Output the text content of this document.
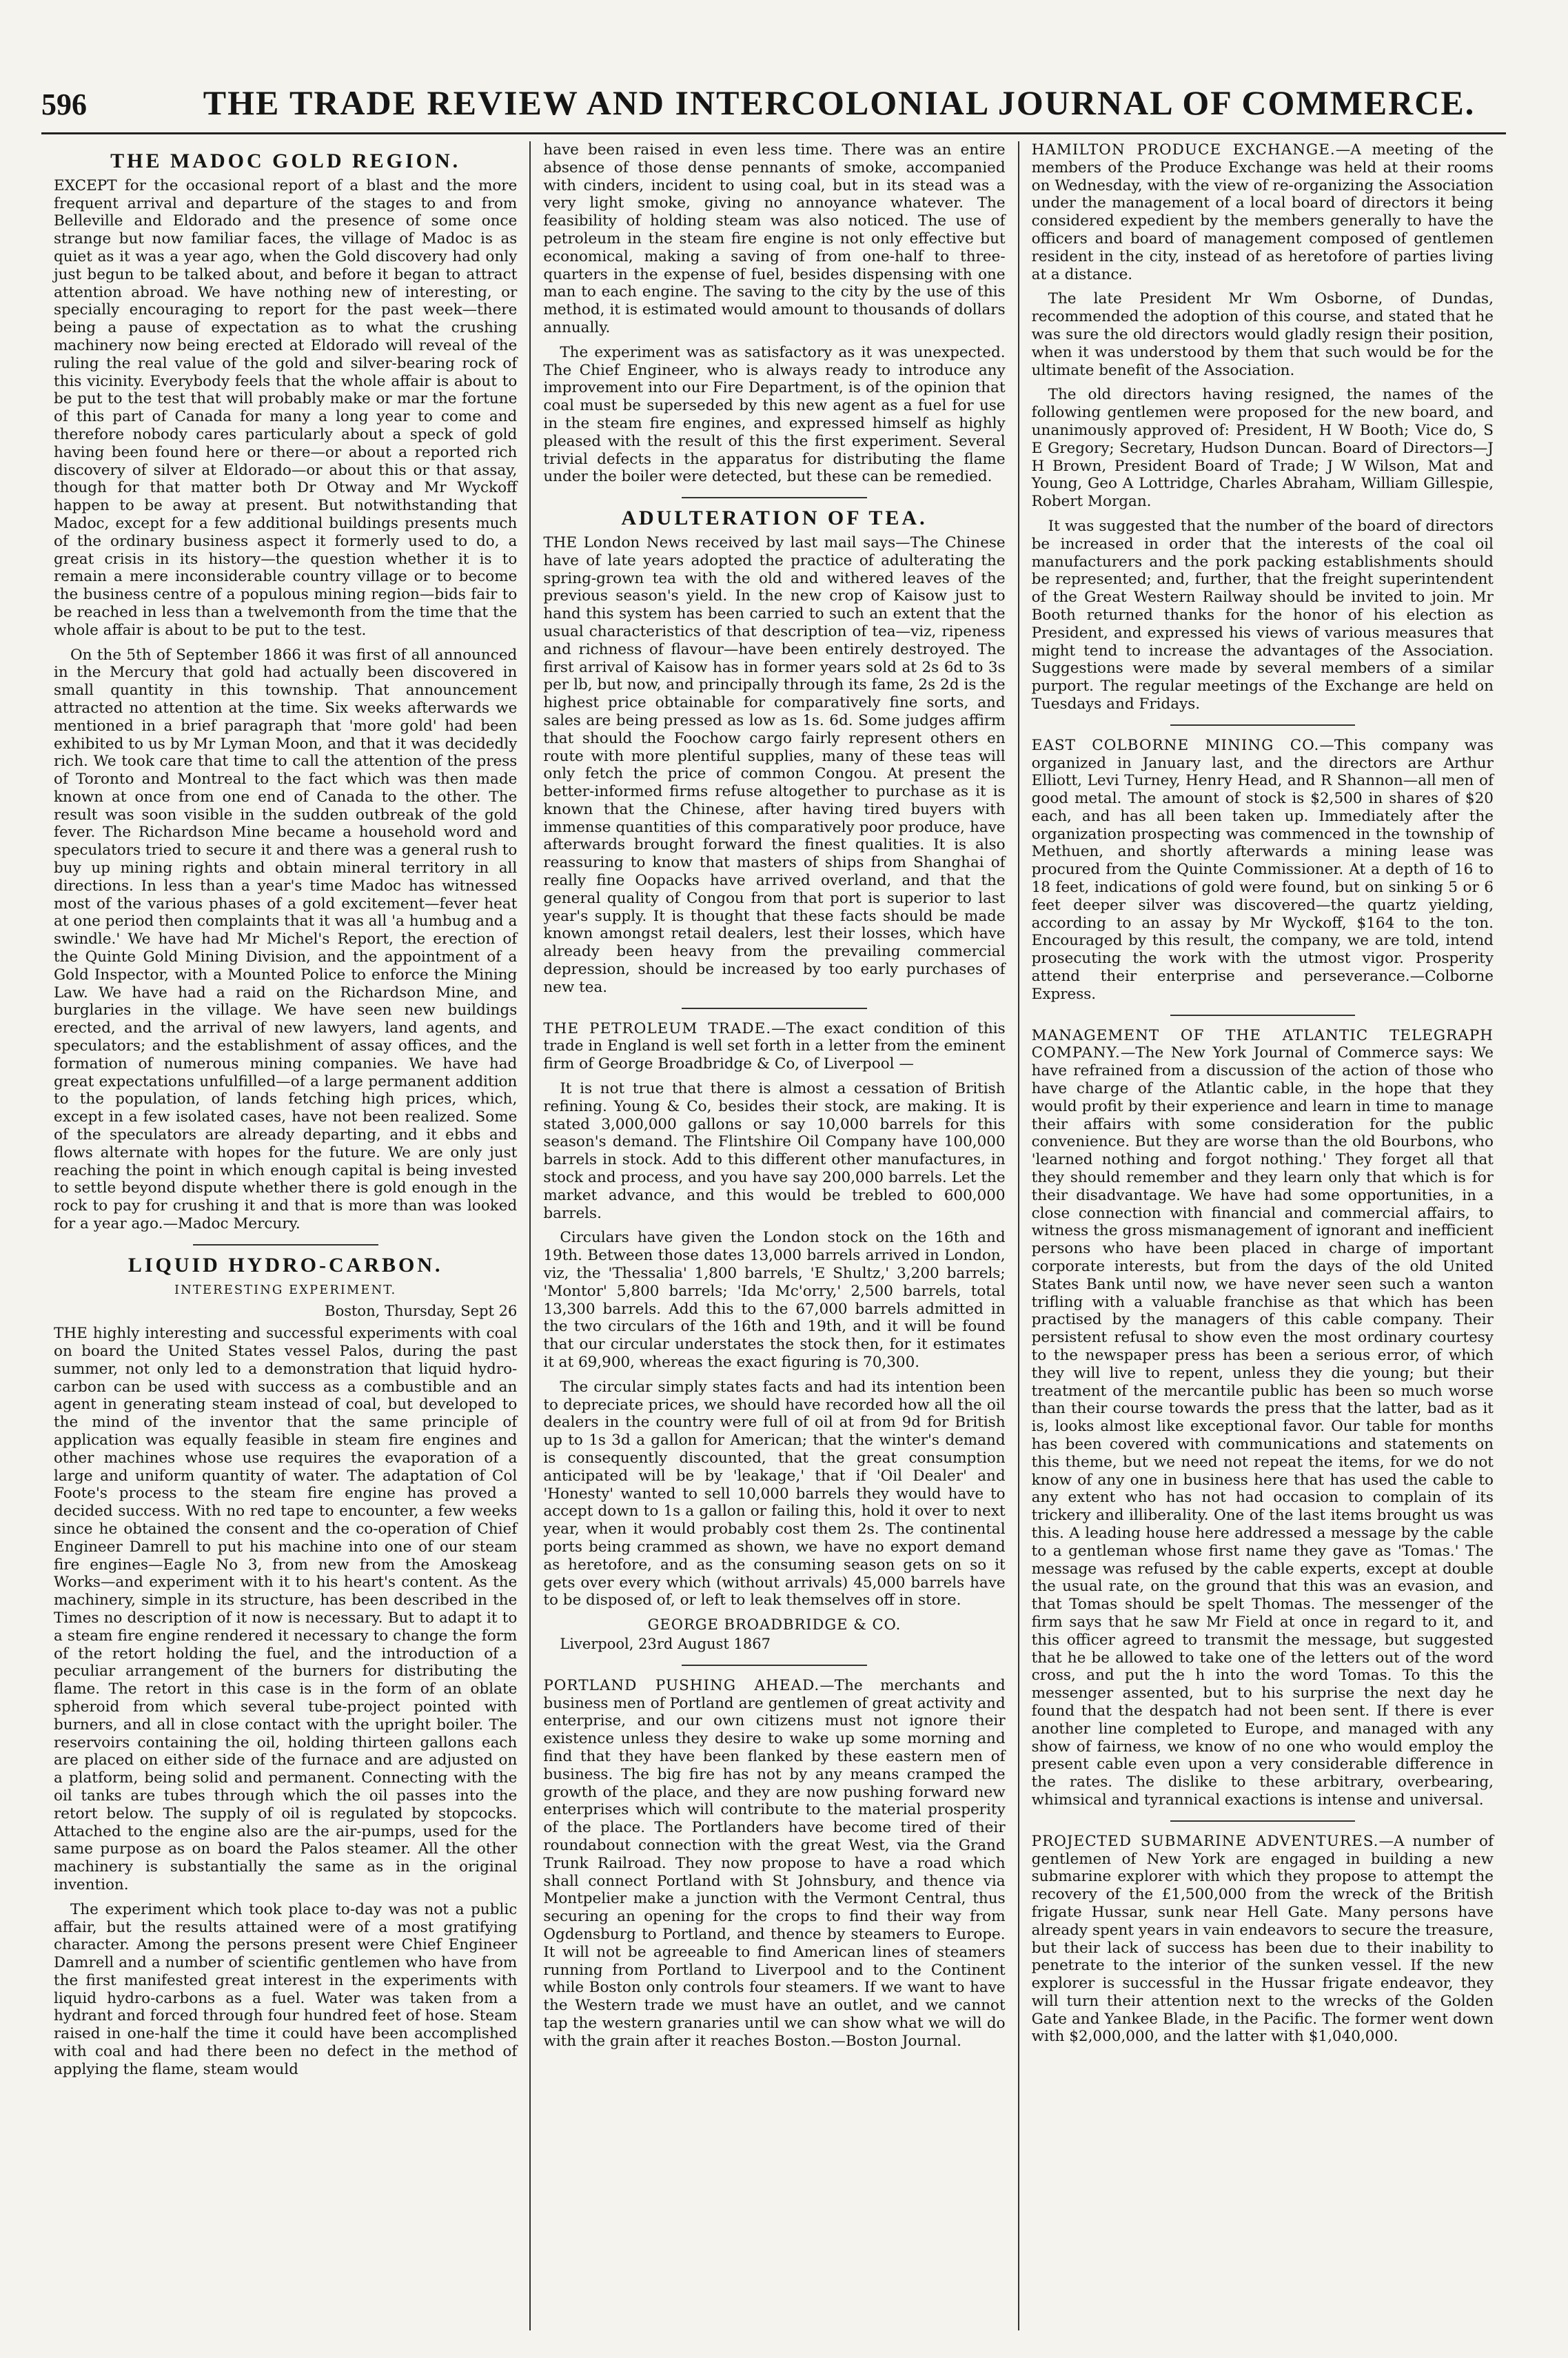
596	THE TRADE REVIEW AND INTERCOLONIAL JOURNAL OF COMMERCE.
THE MADOC GOLD REGION.

EXCEPT for the occasional report of a blast and the more frequent arrival and departure of the stages to and from Belleville and Eldorado and the presence of some once strange but now familiar faces, the village of Madoc is as quiet as it was a year ago, when the Gold discovery had only just begun to be talked about, and before it began to attract attention abroad. We have nothing new of interesting, or specially encouraging to report for the past week—there being a pause of expectation as to what the crushing machinery now being erected at Eldorado will reveal of the ruling the real value of the gold and silver-bearing rock of this vicinity. Everybody feels that the whole affair is about to be put to the test that will probably make or mar the fortune of this part of Canada for many a long year to come and therefore nobody cares particularly about a speck of gold having been found here or there—or about a reported rich discovery of silver at Eldorado—or about this or that assay, though for that matter both Dr Otway and Mr Wyckoff happen to be away at present. But notwithstanding that Madoc, except for a few additional buildings presents much of the ordinary business aspect it formerly used to do, a great crisis in its history—the question whether it is to remain a mere inconsiderable country village or to become the business centre of a populous mining region—bids fair to be reached in less than a twelvemonth from the time that the whole affair is about to be put to the test.

On the 5th of September 1866 it was first of all announced in the Mercury that gold had actually been discovered in small quantity in this township. That announcement attracted no attention at the time. Six weeks afterwards we mentioned in a brief paragraph that 'more gold' had been exhibited to us by Mr Lyman Moon, and that it was decidedly rich. We took care that time to call the attention of the press of Toronto and Montreal to the fact which was then made known at once from one end of Canada to the other. The result was soon visible in the sudden outbreak of the gold fever. The Richardson Mine became a household word and speculators tried to secure it and there was a general rush to buy up mining rights and obtain mineral territory in all directions. In less than a year's time Madoc has witnessed most of the various phases of a gold excitement—fever heat at one period then complaints that it was all 'a humbug and a swindle.' We have had Mr Michel's Report, the erection of the Quinte Gold Mining Division, and the appointment of a Gold Inspector, with a Mounted Police to enforce the Mining Law. We have had a raid on the Richardson Mine, and burglaries in the village. We have seen new buildings erected, and the arrival of new lawyers, land agents, and speculators; and the establishment of assay offices, and the formation of numerous mining companies. We have had great expectations unfulfilled—of a large permanent addition to the population, of lands fetching high prices, which, except in a few isolated cases, have not been realized. Some of the speculators are already departing, and it ebbs and flows alternate with hopes for the future. We are only just reaching the point in which enough capital is being invested to settle beyond dispute whether there is gold enough in the rock to pay for crushing it and that is more than was looked for a year ago.—Madoc Mercury.

LIQUID HYDRO-CARBON.
INTERESTING EXPERIMENT.
Boston, Thursday, Sept 26

THE highly interesting and successful experiments with coal on board the United States vessel Palos, during the past summer, not only led to a demonstration that liquid hydro-carbon can be used with success as a combustible and an agent in generating steam instead of coal, but developed to the mind of the inventor that the same principle of application was equally feasible in steam fire engines and other machines whose use requires the evaporation of a large and uniform quantity of water. The adaptation of Col Foote's process to the steam fire engine has proved a decided success. With no red tape to encounter, a few weeks since he obtained the consent and the co-operation of Chief Engineer Damrell to put his machine into one of our steam fire engines—Eagle No 3, from new from the Amoskeag Works—and experiment with it to his heart's content. As the machinery, simple in its structure, has been described in the Times no description of it now is necessary. But to adapt it to a steam fire engine rendered it necessary to change the form of the retort holding the fuel, and the introduction of a peculiar arrangement of the burners for distributing the flame. The retort in this case is in the form of an oblate spheroid from which several tube-project pointed with burners, and all in close contact with the upright boiler. The reservoirs containing the oil, holding thirteen gallons each are placed on either side of the furnace and are adjusted on a platform, being solid and permanent. Connecting with the oil tanks are tubes through which the oil passes into the retort below. The supply of oil is regulated by stopcocks. Attached to the engine also are the air-pumps, used for the same purpose as on board the Palos steamer. All the other machinery is substantially the same as in the original invention.

The experiment which took place to-day was not a public affair, but the results attained were of a most gratifying character. Among the persons present were Chief Engineer Damrell and a number of scientific gentlemen who have from the first manifested great interest in the experiments with liquid hydro-carbons as a fuel. Water was taken from a hydrant and forced through four hundred feet of hose. Steam raised in one-half the time it could have been accomplished with coal and had there been no defect in the method of applying the flame, steam would

have been raised in even less time. There was an entire absence of those dense pennants of smoke, accompanied with cinders, incident to using coal, but in its stead was a very light smoke, giving no annoyance whatever. The feasibility of holding steam was also noticed. The use of petroleum in the steam fire engine is not only effective but economical, making a saving of from one-half to three-quarters in the expense of fuel, besides dispensing with one man to each engine. The saving to the city by the use of this method, it is estimated would amount to thousands of dollars annually.

The experiment was as satisfactory as it was unexpected. The Chief Engineer, who is always ready to introduce any improvement into our Fire Department, is of the opinion that coal must be superseded by this new agent as a fuel for use in the steam fire engines, and expressed himself as highly pleased with the result of this the first experiment. Several trivial defects in the apparatus for distributing the flame under the boiler were detected, but these can be remedied.

ADULTERATION OF TEA.

THE London News received by last mail says—The Chinese have of late years adopted the practice of adulterating the spring-grown tea with the old and withered leaves of the previous season's yield. In the new crop of Kaisow just to hand this system has been carried to such an extent that the usual characteristics of that description of tea—viz, ripeness and richness of flavour—have been entirely destroyed. The first arrival of Kaisow has in former years sold at 2s 6d to 3s per lb, but now, and principally through its fame, 2s 2d is the highest price obtainable for comparatively fine sorts, and sales are being pressed as low as 1s. 6d. Some judges affirm that should the Foochow cargo fairly represent others en route with more plentiful supplies, many of these teas will only fetch the price of common Congou. At present the better-informed firms refuse altogether to purchase as it is known that the Chinese, after having tired buyers with immense quantities of this comparatively poor produce, have afterwards brought forward the finest qualities. It is also reassuring to know that masters of ships from Shanghai of really fine Oopacks have arrived overland, and that the general quality of Congou from that port is superior to last year's supply. It is thought that these facts should be made known amongst retail dealers, lest their losses, which have already been heavy from the prevailing commercial depression, should be increased by too early purchases of new tea.

THE PETROLEUM TRADE.—The exact condition of this trade in England is well set forth in a letter from the eminent firm of George Broadbridge & Co, of Liverpool —

It is not true that there is almost a cessation of British refining. Young & Co, besides their stock, are making. It is stated 3,000,000 gallons or say 10,000 barrels for this season's demand. The Flintshire Oil Company have 100,000 barrels in stock. Add to this different other manufactures, in stock and process, and you have say 200,000 barrels. Let the market advance, and this would be trebled to 600,000 barrels.

Circulars have given the London stock on the 16th and 19th. Between those dates 13,000 barrels arrived in London, viz, the 'Thessalia' 1,800 barrels, 'E Shultz,' 3,200 barrels; 'Montor' 5,800 barrels; 'Ida Mc'orry,' 2,500 barrels, total 13,300 barrels. Add this to the 67,000 barrels admitted in the two circulars of the 16th and 19th, and it will be found that our circular understates the stock then, for it estimates it at 69,900, whereas the exact figuring is 70,300.

The circular simply states facts and had its intention been to depreciate prices, we should have recorded how all the oil dealers in the country were full of oil at from 9d for British up to 1s 3d a gallon for American; that the winter's demand is consequently discounted, that the great consumption anticipated will be by 'leakage,' that if 'Oil Dealer' and 'Honesty' wanted to sell 10,000 barrels they would have to accept down to 1s a gallon or failing this, hold it over to next year, when it would probably cost them 2s. The continental ports being crammed as shown, we have no export demand as heretofore, and as the consuming season gets on so it gets over every which (without arrivals) 45,000 barrels have to be disposed of, or left to leak themselves off in store.

GEORGE BROADBRIDGE & CO.
Liverpool, 23rd August 1867

PORTLAND PUSHING AHEAD.—The merchants and business men of Portland are gentlemen of great activity and enterprise, and our own citizens must not ignore their existence unless they desire to wake up some morning and find that they have been flanked by these eastern men of business. The big fire has not by any means cramped the growth of the place, and they are now pushing forward new enterprises which will contribute to the material prosperity of the place. The Portlanders have become tired of their roundabout connection with the great West, via the Grand Trunk Railroad. They now propose to have a road which shall connect Portland with St Johnsbury, and thence via Montpelier make a junction with the Vermont Central, thus securing an opening for the crops to find their way from Ogdensburg to Portland, and thence by steamers to Europe. It will not be agreeable to find American lines of steamers running from Portland to Liverpool and to the Continent while Boston only controls four steamers. If we want to have the Western trade we must have an outlet, and we cannot tap the western granaries until we can show what we will do with the grain after it reaches Boston.—Boston Journal.

HAMILTON PRODUCE EXCHANGE.—A meeting of the members of the Produce Exchange was held at their rooms on Wednesday, with the view of re-organizing the Association under the management of a local board of directors it being considered expedient by the members generally to have the officers and board of management composed of gentlemen resident in the city, instead of as heretofore of parties living at a distance.

The late President Mr Wm Osborne, of Dundas, recommended the adoption of this course, and stated that he was sure the old directors would gladly resign their position, when it was understood by them that such would be for the ultimate benefit of the Association.

The old directors having resigned, the names of the following gentlemen were proposed for the new board, and unanimously approved of: President, H W Booth; Vice do, S E Gregory; Secretary, Hudson Duncan. Board of Directors—J H Brown, President Board of Trade; J W Wilson, Mat and Young, Geo A Lottridge, Charles Abraham, William Gillespie, Robert Morgan.

It was suggested that the number of the board of directors be increased in order that the interests of the coal oil manufacturers and the pork packing establishments should be represented; and, further, that the freight superintendent of the Great Western Railway should be invited to join. Mr Booth returned thanks for the honor of his election as President, and expressed his views of various measures that might tend to increase the advantages of the Association. Suggestions were made by several members of a similar purport. The regular meetings of the Exchange are held on Tuesdays and Fridays.

EAST COLBORNE MINING CO.—This company was organized in January last, and the directors are Arthur Elliott, Levi Turney, Henry Head, and R Shannon—all men of good metal. The amount of stock is $2,500 in shares of $20 each, and has all been taken up. Immediately after the organization prospecting was commenced in the township of Methuen, and shortly afterwards a mining lease was procured from the Quinte Commissioner. At a depth of 16 to 18 feet, indications of gold were found, but on sinking 5 or 6 feet deeper silver was discovered—the quartz yielding, according to an assay by Mr Wyckoff, $164 to the ton. Encouraged by this result, the company, we are told, intend prosecuting the work with the utmost vigor. Prosperity attend their enterprise and perseverance.—Colborne Express.

MANAGEMENT OF THE ATLANTIC TELEGRAPH COMPANY.—The New York Journal of Commerce says: We have refrained from a discussion of the action of those who have charge of the Atlantic cable, in the hope that they would profit by their experience and learn in time to manage their affairs with some consideration for the public convenience. But they are worse than the old Bourbons, who 'learned nothing and forgot nothing.' They forget all that they should remember and they learn only that which is for their disadvantage. We have had some opportunities, in a close connection with financial and commercial affairs, to witness the gross mismanagement of ignorant and inefficient persons who have been placed in charge of important corporate interests, but from the days of the old United States Bank until now, we have never seen such a wanton trifling with a valuable franchise as that which has been practised by the managers of this cable company. Their persistent refusal to show even the most ordinary courtesy to the newspaper press has been a serious error, of which they will live to repent, unless they die young; but their treatment of the mercantile public has been so much worse than their course towards the press that the latter, bad as it is, looks almost like exceptional favor. Our table for months has been covered with communications and statements on this theme, but we need not repeat the items, for we do not know of any one in business here that has used the cable to any extent who has not had occasion to complain of its trickery and illiberality. One of the last items brought us was this. A leading house here addressed a message by the cable to a gentleman whose first name they gave as 'Tomas.' The message was refused by the cable experts, except at double the usual rate, on the ground that this was an evasion, and that Tomas should be spelt Thomas. The messenger of the firm says that he saw Mr Field at once in regard to it, and this officer agreed to transmit the message, but suggested that he be allowed to take one of the letters out of the word cross, and put the h into the word Tomas. To this the messenger assented, but to his surprise the next day he found that the despatch had not been sent. If there is ever another line completed to Europe, and managed with any show of fairness, we know of no one who would employ the present cable even upon a very considerable difference in the rates. The dislike to these arbitrary, overbearing, whimsical and tyrannical exactions is intense and universal.

PROJECTED SUBMARINE ADVENTURES.—A number of gentlemen of New York are engaged in building a new submarine explorer with which they propose to attempt the recovery of the £1,500,000 from the wreck of the British frigate Hussar, sunk near Hell Gate. Many persons have already spent years in vain endeavors to secure the treasure, but their lack of success has been due to their inability to penetrate to the interior of the sunken vessel. If the new explorer is successful in the Hussar frigate endeavor, they will turn their attention next to the wrecks of the Golden Gate and Yankee Blade, in the Pacific. The former went down with $2,000,000, and the latter with $1,040,000.
